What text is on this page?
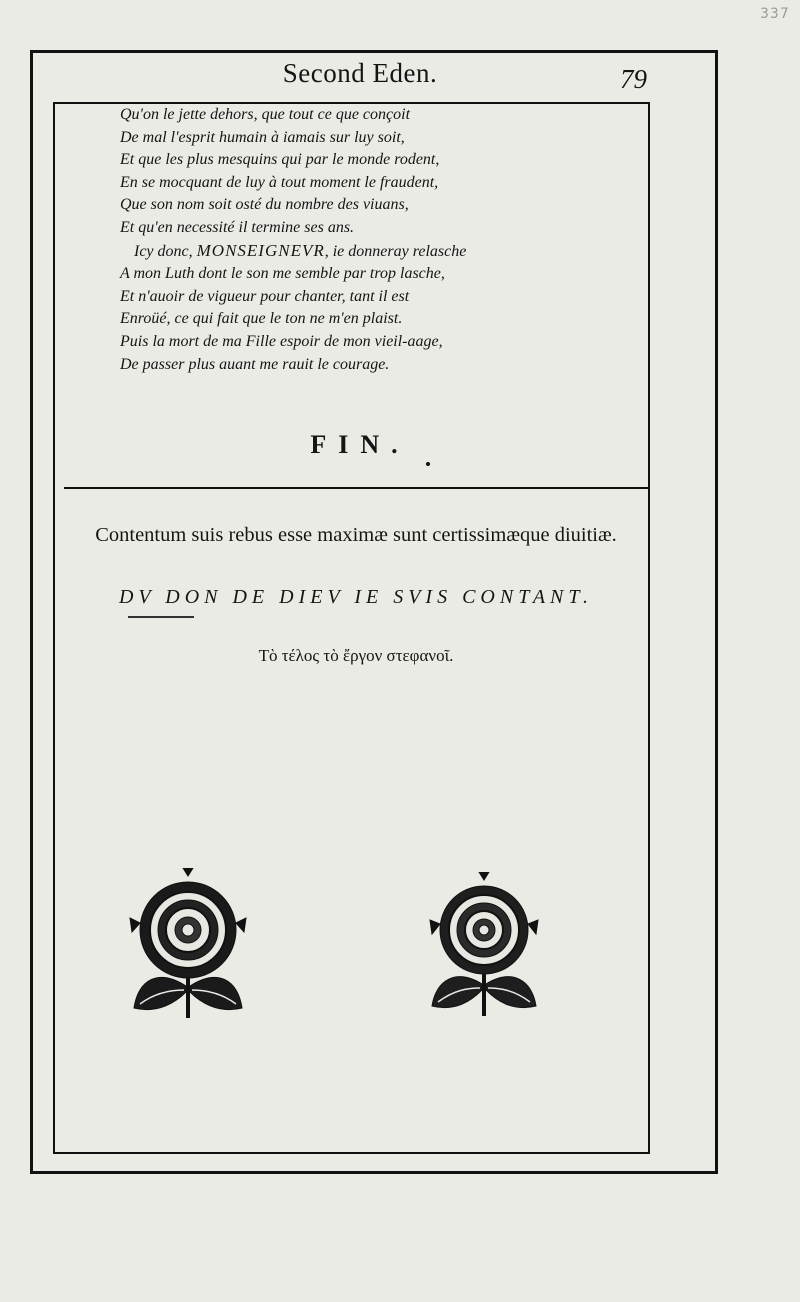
337
Second Eden.	79
Qu'on le jette dehors, que tout ce que conçoit
De mal l'esprit humain à iamais sur luy soit,
Et que les plus mesquins qui par le monde rodent,
En se mocquant de luy à tout moment le fraudent,
Que son nom soit osté du nombre des viuans,
Et qu'en necessité il termine ses ans.
Icy donc, MONSEIGNEVR, ie donneray relasche
A mon Luth dont le son me semble par trop lasche,
Et n'auoir de vigueur pour chanter, tant il est
Enroüé, ce qui fait que le ton ne m'en plaist.
Puis la mort de ma Fille espoir de mon vieil-aage,
De passer plus auant me rauit le courage.
FIN.
Contentum suis rebus esse maximæ sunt certissimæque diuitiæ.
DV DON DE DIEV IE SVIS CONTANT.
Τὸ τέλος τὸ ἔργον στεφανοῖ.
